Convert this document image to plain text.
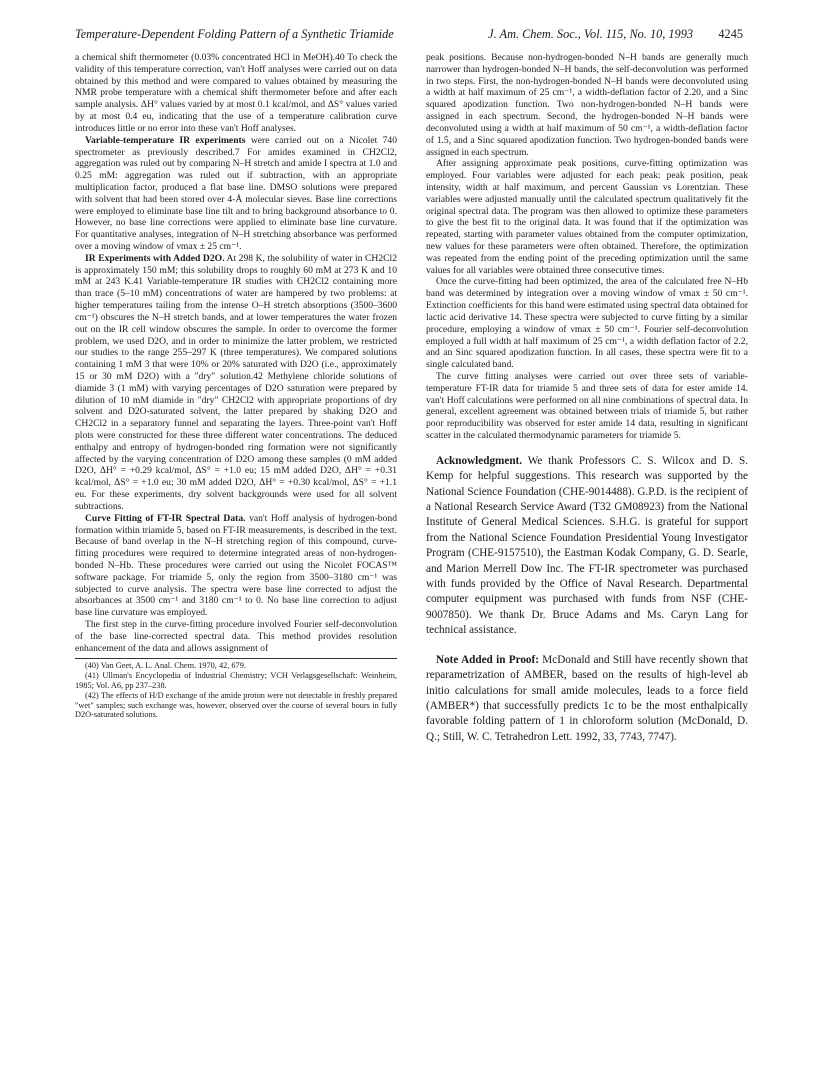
Temperature-Dependent Folding Pattern of a Synthetic Triamide	J. Am. Chem. Soc., Vol. 115, No. 10, 1993 4245

a chemical shift thermometer (0.03% concentrated HCl in MeOH).40 To check the validity of this temperature correction, van't Hoff analyses were carried out on data obtained by this method and were compared to values obtained by measuring the NMR probe temperature with a chemical shift thermometer before and after each sample analysis. ΔH° values varied by at most 0.1 kcal/mol, and ΔS° values varied by at most 0.4 eu, indicating that the use of a temperature calibration curve introduces little or no error into these van't Hoff analyses.

Variable-temperature IR experiments were carried out on a Nicolet 740 spectrometer as previously described.7 For amides examined in CH2Cl2, aggregation was ruled out by comparing N–H stretch and amide I spectra at 1.0 and 0.25 mM: aggregation was ruled out if subtraction, with an appropriate multiplication factor, produced a flat base line. DMSO solutions were prepared with solvent that had been stored over 4-Å molecular sieves. Base line corrections were employed to eliminate base line tilt and to bring background absorbance to 0. However, no base line corrections were applied to eliminate base line curvature. For quantitative analyses, integration of N–H stretching absorbance was performed over a moving window of νmax ± 25 cm⁻¹.

IR Experiments with Added D2O. At 298 K, the solubility of water in CH2Cl2 is approximately 150 mM; this solubility drops to roughly 60 mM at 273 K and 10 mM at 243 K.41 Variable-temperature IR studies with CH2Cl2 containing more than trace (5–10 mM) concentrations of water are hampered by two problems: at higher temperatures tailing from the intense O–H stretch absorptions (3500–3600 cm⁻¹) obscures the N–H stretch bands, and at lower temperatures the water frozen out on the IR cell window obscures the sample. In order to overcome the former problem, we used D2O, and in order to minimize the latter problem, we restricted our studies to the range 255–297 K (three temperatures). We compared solutions containing 1 mM 3 that were 10% or 20% saturated with D2O (i.e., approximately 15 or 30 mM D2O) with a "dry" solution.42 Methylene chloride solutions of diamide 3 (1 mM) with varying percentages of D2O saturation were prepared by dilution of 10 mM diamide in "dry" CH2Cl2 with appropriate proportions of dry solvent and D2O-saturated solvent, the latter prepared by shaking D2O and CH2Cl2 in a separatory funnel and separating the layers. Three-point van't Hoff plots were constructed for these three different water concentrations. The deduced enthalpy and entropy of hydrogen-bonded ring formation were not significantly affected by the varying concentration of D2O among these samples (0 mM added D2O, ΔH° = +0.29 kcal/mol, ΔS° = +1.0 eu; 15 mM added D2O, ΔH° = +0.31 kcal/mol, ΔS° = +1.0 eu; 30 mM added D2O, ΔH° = +0.30 kcal/mol, ΔS° = +1.1 eu. For these experiments, dry solvent backgrounds were used for all solvent subtractions.

Curve Fitting of FT-IR Spectral Data. van't Hoff analysis of hydrogen-bond formation within triamide 5, based on FT-IR measurements, is described in the text. Because of band overlap in the N–H stretching region of this compound, curve-fitting procedures were required to determine integrated areas of non-hydrogen-bonded N–Hb. These procedures were carried out using the Nicolet FOCAS™ software package. For triamide 5, only the region from 3500–3180 cm⁻¹ was subjected to curve analysis. The spectra were base line corrected to adjust the absorbances at 3500 cm⁻¹ and 3180 cm⁻¹ to 0. No base line correction to adjust base line curvature was employed.

The first step in the curve-fitting procedure involved Fourier self-deconvolution of the base line-corrected spectral data. This method provides resolution enhancement of the data and allows assignment of

(40) Van Geet, A. L. Anal. Chem. 1970, 42, 679.

(41) Ullman's Encyclopedia of Industrial Chemistry; VCH Verlagsgesellschaft: Weinheim, 1985; Vol. A6, pp 237–238.

(42) The effects of H/D exchange of the amide proton were not detectable in freshly prepared "wet" samples; such exchange was, however, observed over the course of several hours in fully D2O-saturated solutions.

peak positions. Because non-hydrogen-bonded N–H bands are generally much narrower than hydrogen-bonded N–H bands, the self-deconvolution was performed in two steps. First, the non-hydrogen-bonded N–H bands were deconvoluted using a width at half maximum of 25 cm⁻¹, a width-deflation factor of 2.20, and a Sinc squared apodization function. Two non-hydrogen-bonded N–H bands were assigned in each spectrum. Second, the hydrogen-bonded N–H bands were deconvoluted using a width at half maximum of 50 cm⁻¹, a width-deflation factor of 1.5, and a Sinc squared apodization function. Two hydrogen-bonded bands were assigned in each spectrum.

After assigning approximate peak positions, curve-fitting optimization was employed. Four variables were adjusted for each peak: peak position, peak intensity, width at half maximum, and percent Gaussian vs Lorentzian. These variables were adjusted manually until the calculated spectrum qualitatively fit the original spectral data. The program was then allowed to optimize these parameters to give the best fit to the original data. It was found that if the optimization was repeated, starting with parameter values obtained from the computer optimization, new values for these parameters were often obtained. Therefore, the optimization was repeated from the ending point of the preceding optimization until the same values for all variables were obtained three consecutive times.

Once the curve-fitting had been optimized, the area of the calculated free N–Hb band was determined by integration over a moving window of νmax ± 50 cm⁻¹. Extinction coefficients for this band were estimated using spectral data obtained for lactic acid derivative 14. These spectra were subjected to curve fitting by a similar procedure, employing a window of νmax ± 50 cm⁻¹. Fourier self-deconvolution employed a full width at half maximum of 25 cm⁻¹, a width deflation factor of 2.2, and an Sinc squared apodization function. In all cases, these spectra were fit to a single calculated band.

The curve fitting analyses were carried out over three sets of variable-temperature FT-IR data for triamide 5 and three sets of data for ester amide 14. van't Hoff calculations were performed on all nine combinations of spectral data. In general, excellent agreement was obtained between trials of triamide 5, but rather poor reproducibility was observed for ester amide 14 data, resulting in significant scatter in the calculated thermodynamic parameters for triamide 5.

Acknowledgment. We thank Professors C. S. Wilcox and D. S. Kemp for helpful suggestions. This research was supported by the National Science Foundation (CHE-9014488). G.P.D. is the recipient of a National Research Service Award (T32 GM08923) from the National Institute of General Medical Sciences. S.H.G. is grateful for support from the National Science Foundation Presidential Young Investigator Program (CHE-9157510), the Eastman Kodak Company, G. D. Searle, and Marion Merrell Dow Inc. The FT-IR spectrometer was purchased with funds provided by the Office of Naval Research. Departmental computer equipment was purchased with funds from NSF (CHE-9007850). We thank Dr. Bruce Adams and Ms. Caryn Lang for technical assistance.

Note Added in Proof: McDonald and Still have recently shown that reparametrization of AMBER, based on the results of high-level ab initio calculations for small amide molecules, leads to a force field (AMBER*) that successfully predicts 1c to be the most enthalpically favorable folding pattern of 1 in chloroform solution (McDonald, D. Q.; Still, W. C. Tetrahedron Lett. 1992, 33, 7743, 7747).
